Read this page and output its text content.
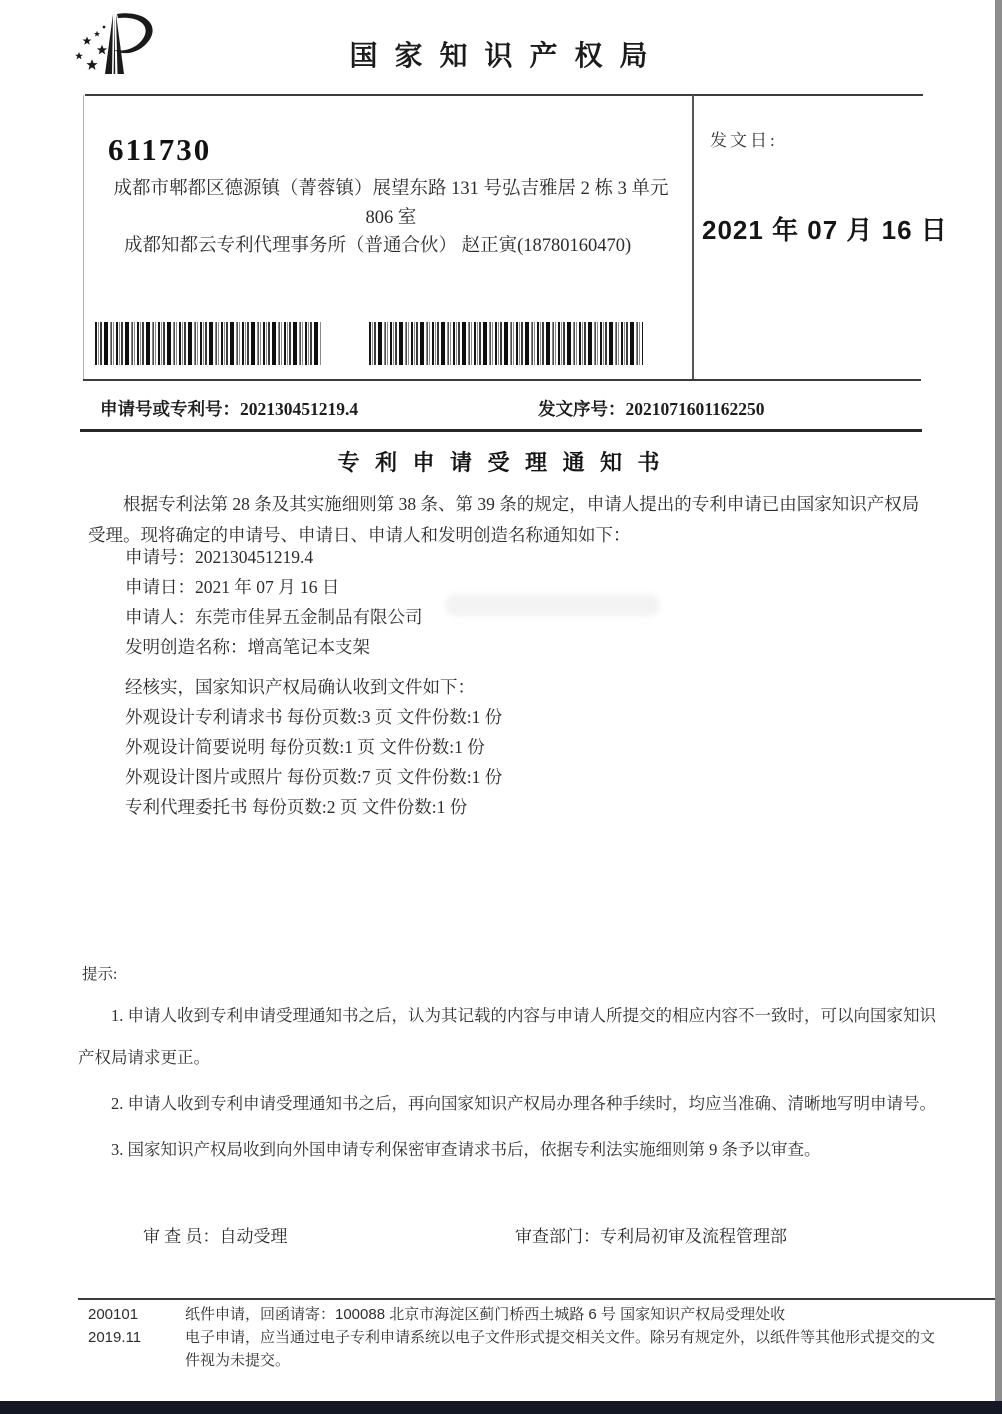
国 家 知 识 产 权 局
611730
成都市郫都区德源镇（菁蓉镇）展望东路 131 号弘吉雅居 2 栋 3 单元
806 室
成都知都云专利代理事务所（普通合伙） 赵正寅(18780160470)
发文日:
2021 年 07 月 16 日
申请号或专利号：202130451219.4	发文序号：2021071601162250
专 利 申 请 受 理 通 知 书
根据专利法第 28 条及其实施细则第 38 条、第 39 条的规定，申请人提出的专利申请已由国家知识产权局受理。现将确定的申请号、申请日、申请人和发明创造名称通知如下：
申请号：202130451219.4
申请日：2021 年 07 月 16 日
申请人：东莞市佳昇五金制品有限公司
发明创造名称：增高笔记本支架
经核实，国家知识产权局确认收到文件如下：
外观设计专利请求书 每份页数:3 页 文件份数:1 份
外观设计简要说明 每份页数:1 页 文件份数:1 份
外观设计图片或照片 每份页数:7 页 文件份数:1 份
专利代理委托书 每份页数:2 页 文件份数:1 份
提示:

1. 申请人收到专利申请受理通知书之后，认为其记载的内容与申请人所提交的相应内容不一致时，可以向国家知识产权局请求更正。

2. 申请人收到专利申请受理通知书之后，再向国家知识产权局办理各种手续时，均应当准确、清晰地写明申请号。

3. 国家知识产权局收到向外国申请专利保密审查请求书后，依据专利法实施细则第 9 条予以审查。

审 查 员：自动受理	审查部门：专利局初审及流程管理部
200101	纸件申请，回函请寄：100088 北京市海淀区蓟门桥西土城路 6 号 国家知识产权局受理处收
2019.11	电子申请，应当通过电子专利申请系统以电子文件形式提交相关文件。除另有规定外，以纸件等其他形式提交的文件视为未提交。
